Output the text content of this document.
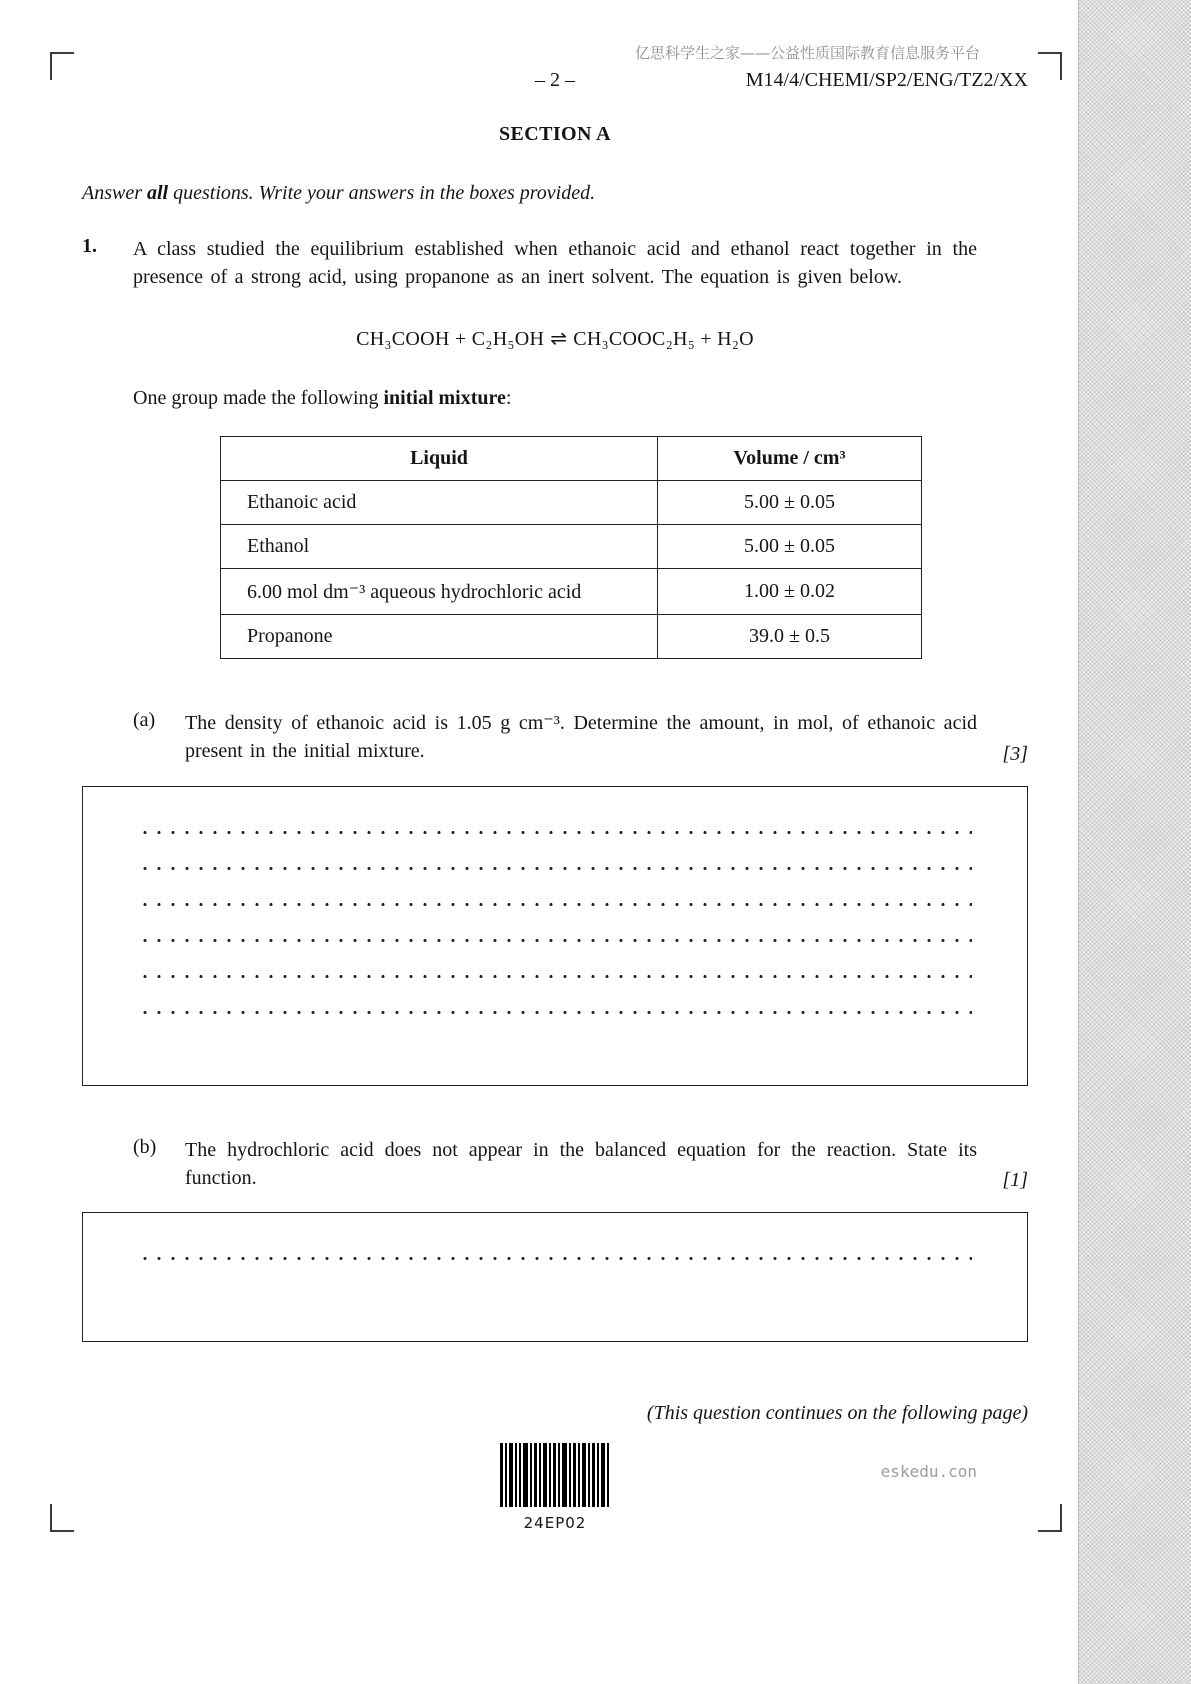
亿思科学生之家——公益性质国际教育信息服务平台
– 2 –	M14/4/CHEMI/SP2/ENG/TZ2/XX
SECTION A
Answer all questions. Write your answers in the boxes provided.
1.	A class studied the equilibrium established when ethanoic acid and ethanol react together in the presence of a strong acid, using propanone as an inert solvent. The equation is given below.
CH₃COOH + C₂H₅OH ⇌ CH₃COOC₂H₅ + H₂O
One group made the following initial mixture:
Liquid	Volume / cm³
Ethanoic acid	5.00 ± 0.05
Ethanol	5.00 ± 0.05
6.00 mol dm⁻³ aqueous hydrochloric acid	1.00 ± 0.02
Propanone	39.0 ± 0.5
(a)	The density of ethanoic acid is 1.05 g cm⁻³. Determine the amount, in mol, of ethanoic acid present in the initial mixture.	[3]
(b)	The hydrochloric acid does not appear in the balanced equation for the reaction. State its function.	[1]
(This question continues on the following page)
24EP02
eskedu.con
